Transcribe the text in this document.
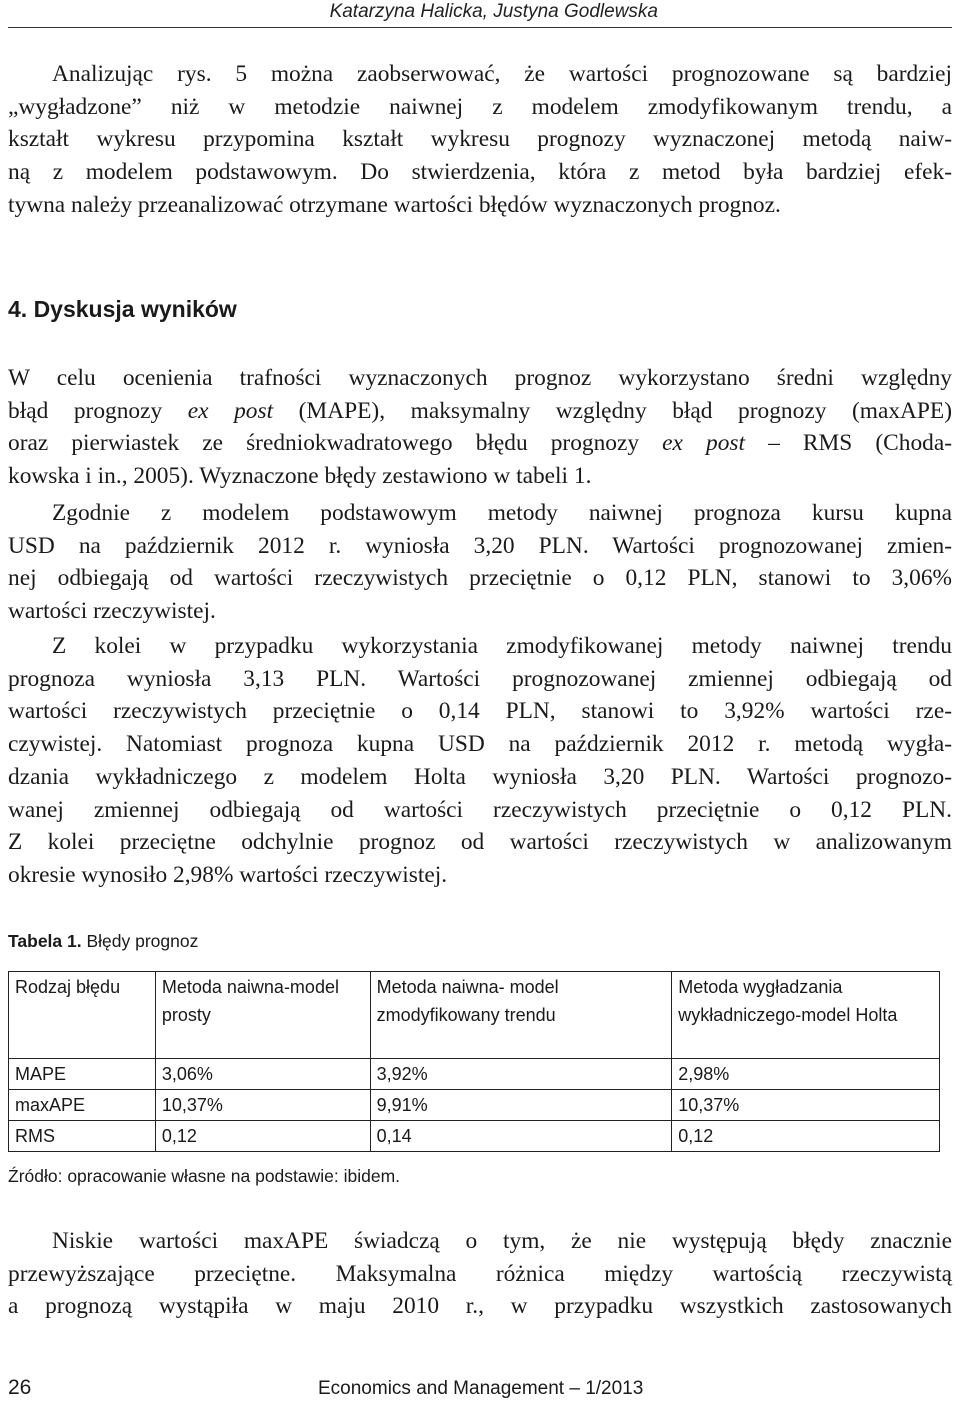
Katarzyna Halicka, Justyna Godlewska

Analizując rys. 5 można zaobserwować, że wartości prognozowane są bardziej
„wygładzone” niż w metodzie naiwnej z modelem zmodyfikowanym trendu, a
kształt wykresu przypomina kształt wykresu prognozy wyznaczonej metodą naiw-
ną z modelem podstawowym. Do stwierdzenia, która z metod była bardziej efek-
tywna należy przeanalizować otrzymane wartości błędów wyznaczonych prognoz.

4. Dyskusja wyników

W celu ocenienia trafności wyznaczonych prognoz wykorzystano średni względny
błąd prognozy ex post (MAPE), maksymalny względny błąd prognozy (maxAPE)
oraz pierwiastek ze średniokwadratowego błędu prognozy ex post – RMS (Choda-
kowska i in., 2005). Wyznaczone błędy zestawiono w tabeli 1.

Zgodnie z modelem podstawowym metody naiwnej prognoza kursu kupna
USD na październik 2012 r. wyniosła 3,20 PLN. Wartości prognozowanej zmien-
nej odbiegają od wartości rzeczywistych przeciętnie o 0,12 PLN, stanowi to 3,06%
wartości rzeczywistej.

Z kolei w przypadku wykorzystania zmodyfikowanej metody naiwnej trendu
prognoza wyniosła 3,13 PLN. Wartości prognozowanej zmiennej odbiegają od
wartości rzeczywistych przeciętnie o 0,14 PLN, stanowi to 3,92% wartości rze-
czywistej. Natomiast prognoza kupna USD na październik 2012 r. metodą wygła-
dzania wykładniczego z modelem Holta wyniosła 3,20 PLN. Wartości prognozo-
wanej zmiennej odbiegają od wartości rzeczywistych przeciętnie o 0,12 PLN.
Z kolei przeciętne odchylnie prognoz od wartości rzeczywistych w analizowanym
okresie wynosiło 2,98% wartości rzeczywistej.

Tabela 1. Błędy prognoz
Rodzaj błędu	Metoda naiwna-model prosty	Metoda naiwna- model zmodyfikowany trendu	Metoda wygładzania wykładniczego-model Holta
MAPE	3,06%	3,92%	2,98%
maxAPE	10,37%	9,91%	10,37%
RMS	0,12	0,14	0,12
Źródło: opracowanie własne na podstawie: ibidem.

Niskie wartości maxAPE świadczą o tym, że nie występują błędy znacznie
przewyższające przeciętne. Maksymalna różnica między wartością rzeczywistą
a prognozą wystąpiła w maju 2010 r., w przypadku wszystkich zastosowanych

26	Economics and Management – 1/2013
